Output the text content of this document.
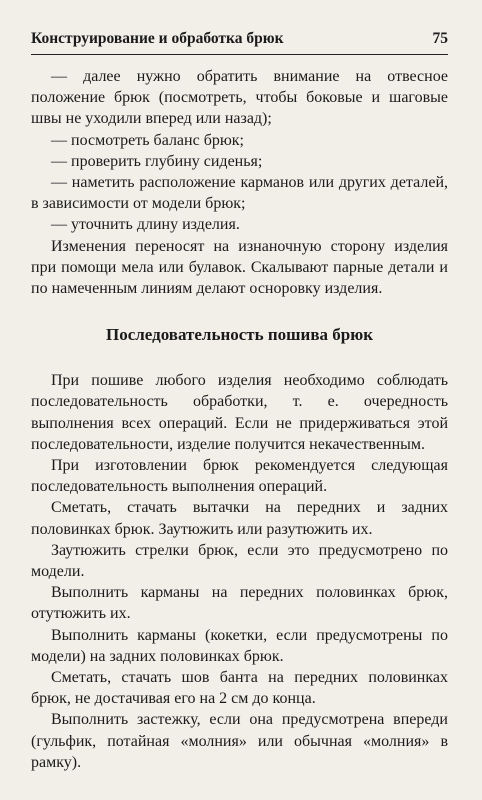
Конструирование и обработка брюк	75

— далее нужно обратить внимание на отвесное положение брюк (посмотреть, чтобы боковые и шаговые швы не уходили вперед или назад);

— посмотреть баланс брюк;

— проверить глубину сиденья;

— наметить расположение карманов или других деталей, в зависимости от модели брюк;

— уточнить длину изделия.

Изменения переносят на изнаночную сторону изделия при помощи мела или булавок. Скалывают парные детали и по намеченным линиям делают осноровку изделия.

Последовательность пошива брюк

При пошиве любого изделия необходимо соблюдать последовательность обработки, т. е. очередность выполнения всех операций. Если не придерживаться этой последовательности, изделие получится некачественным.

При изготовлении брюк рекомендуется следующая последовательность выполнения операций.

Сметать, стачать вытачки на передних и задних половинках брюк. Заутюжить или разутюжить их.

Заутюжить стрелки брюк, если это предусмотрено по модели.

Выполнить карманы на передних половинках брюк, отутюжить их.

Выполнить карманы (кокетки, если предусмотрены по модели) на задних половинках брюк.

Сметать, стачать шов банта на передних половинках брюк, не достачивая его на 2 см до конца.

Выполнить застежку, если она предусмотрена впереди (гульфик, потайная «молния» или обычная «молния» в рамку).
